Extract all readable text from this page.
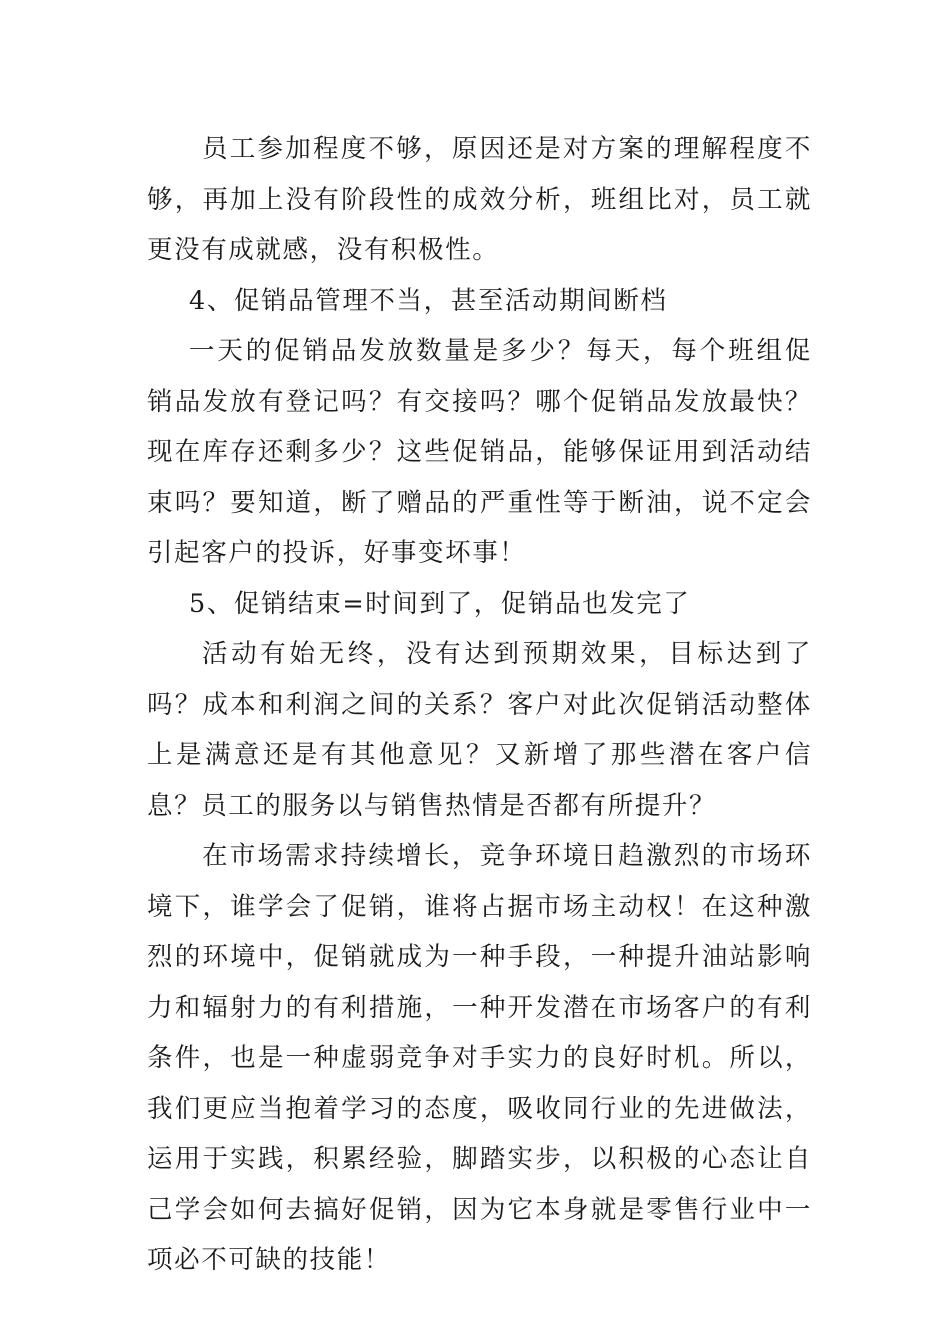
员工参加程度不够，原因还是对方案的理解程度不够，再加上没有阶段性的成效分析，班组比对，员工就更没有成就感，没有积极性。

4、促销品管理不当，甚至活动期间断档

一天的促销品发放数量是多少？每天，每个班组促销品发放有登记吗？有交接吗？哪个促销品发放最快？现在库存还剩多少？这些促销品，能够保证用到活动结束吗？要知道，断了赠品的严重性等于断油，说不定会引起客户的投诉，好事变坏事！

5、促销结束=时间到了，促销品也发完了

活动有始无终，没有达到预期效果，目标达到了吗？成本和利润之间的关系？客户对此次促销活动整体上是满意还是有其他意见？又新增了那些潜在客户信息？员工的服务以与销售热情是否都有所提升？

在市场需求持续增长，竞争环境日趋激烈的市场环境下，谁学会了促销，谁将占据市场主动权！在这种激烈的环境中，促销就成为一种手段，一种提升油站影响力和辐射力的有利措施，一种开发潜在市场客户的有利条件，也是一种虚弱竞争对手实力的良好时机。所以，我们更应当抱着学习的态度，吸收同行业的先进做法，运用于实践，积累经验，脚踏实步，以积极的心态让自己学会如何去搞好促销，因为它本身就是零售行业中一项必不可缺的技能！
